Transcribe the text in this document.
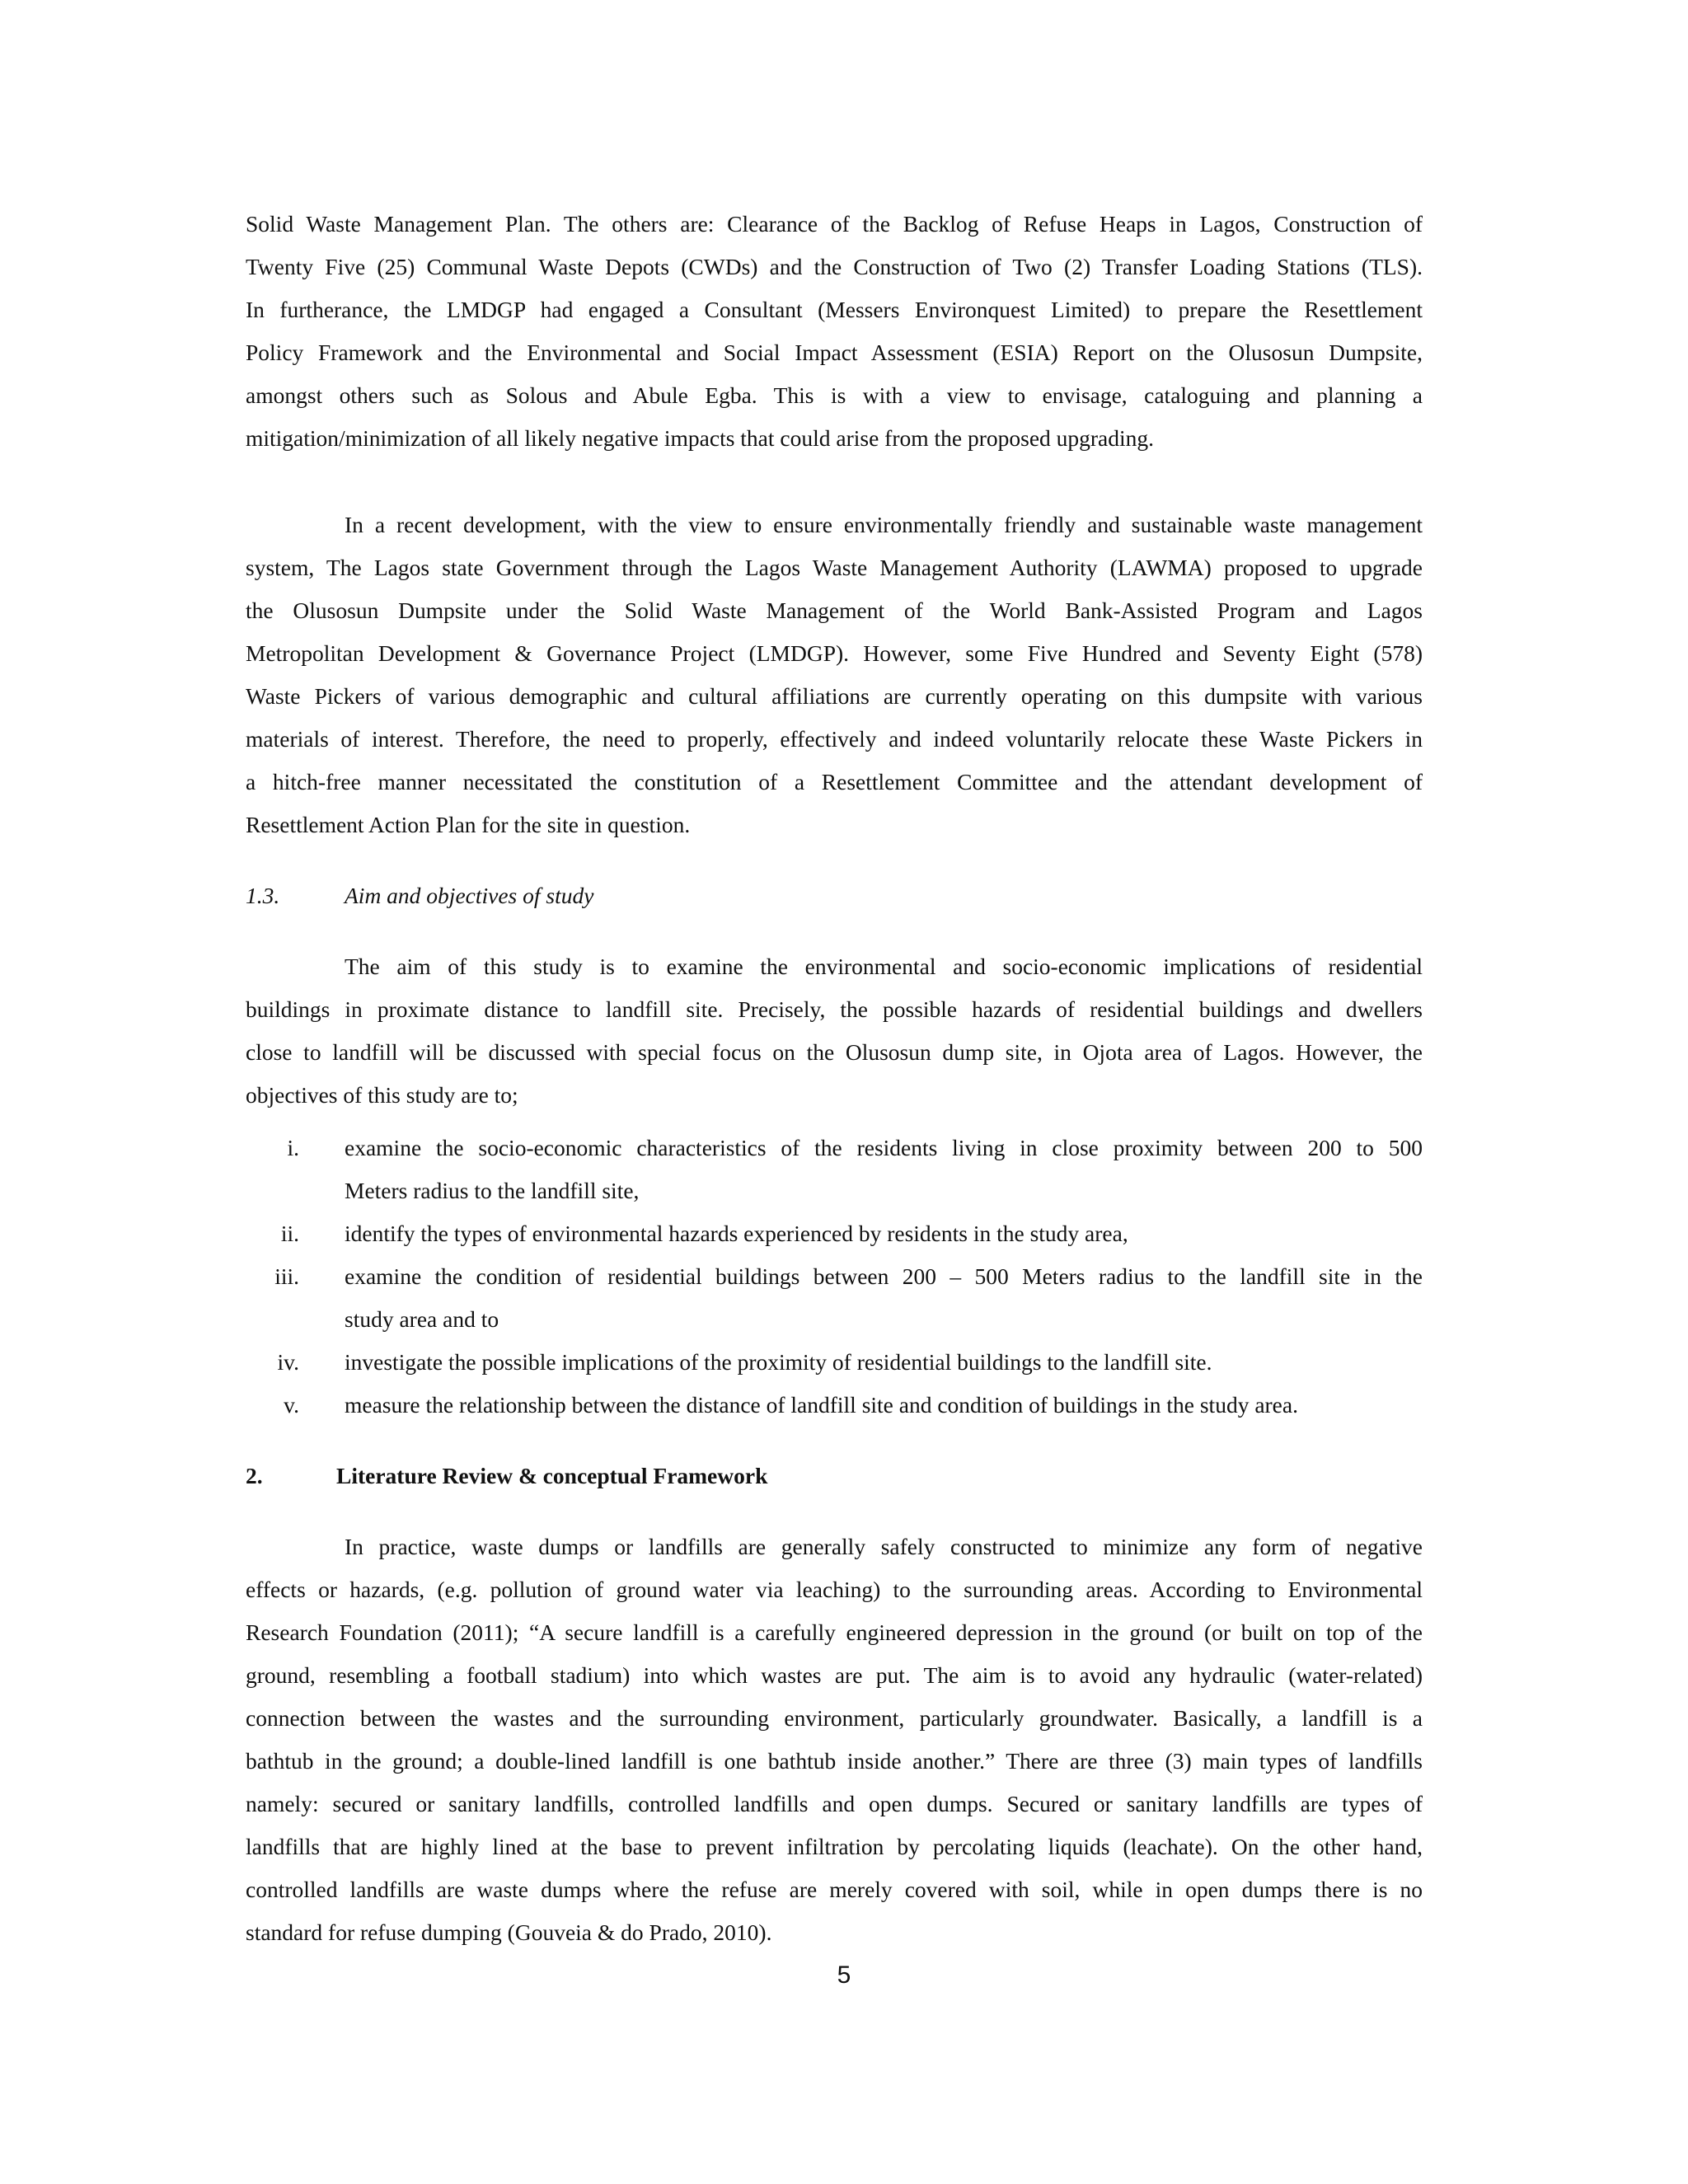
Solid Waste Management Plan. The others are: Clearance of the Backlog of Refuse Heaps in Lagos, Construction of
Twenty Five (25) Communal Waste Depots (CWDs) and the Construction of Two (2) Transfer Loading Stations (TLS).
In furtherance, the LMDGP had engaged a Consultant (Messers Environquest Limited) to prepare the Resettlement
Policy Framework and the Environmental and Social Impact Assessment (ESIA) Report on the Olusosun Dumpsite,
amongst others such as Solous and Abule Egba. This is with a view to envisage, cataloguing and planning a
mitigation/minimization of all likely negative impacts that could arise from the proposed upgrading.
In a recent development, with the view to ensure environmentally friendly and sustainable waste management
system, The Lagos state Government through the Lagos Waste Management Authority (LAWMA) proposed to upgrade
the Olusosun Dumpsite under the Solid Waste Management of the World Bank-Assisted Program and Lagos
Metropolitan Development & Governance Project (LMDGP). However, some Five Hundred and Seventy Eight (578)
Waste Pickers of various demographic and cultural affiliations are currently operating on this dumpsite with various
materials of interest. Therefore, the need to properly, effectively and indeed voluntarily relocate these Waste Pickers in
a hitch-free manner necessitated the constitution of a Resettlement Committee and the attendant development of
Resettlement Action Plan for the site in question.
1.3.	Aim and objectives of study
The aim of this study is to examine the environmental and socio-economic implications of residential
buildings in proximate distance to landfill site. Precisely, the possible hazards of residential buildings and dwellers
close to landfill will be discussed with special focus on the Olusosun dump site, in Ojota area of Lagos. However, the
objectives of this study are to;
i. examine the socio-economic characteristics of the residents living in close proximity between 200 to 500
Meters radius to the landfill site,
ii. identify the types of environmental hazards experienced by residents in the study area,
iii. examine the condition of residential buildings between 200 – 500 Meters radius to the landfill site in the
study area and to
iv. investigate the possible implications of the proximity of residential buildings to the landfill site.
v. measure the relationship between the distance of landfill site and condition of buildings in the study area.
2.	Literature Review & conceptual Framework
In practice, waste dumps or landfills are generally safely constructed to minimize any form of negative
effects or hazards, (e.g. pollution of ground water via leaching) to the surrounding areas. According to Environmental
Research Foundation (2011); “A secure landfill is a carefully engineered depression in the ground (or built on top of the
ground, resembling a football stadium) into which wastes are put. The aim is to avoid any hydraulic (water-related)
connection between the wastes and the surrounding environment, particularly groundwater. Basically, a landfill is a
bathtub in the ground; a double-lined landfill is one bathtub inside another.” There are three (3) main types of landfills
namely: secured or sanitary landfills, controlled landfills and open dumps. Secured or sanitary landfills are types of
landfills that are highly lined at the base to prevent infiltration by percolating liquids (leachate). On the other hand,
controlled landfills are waste dumps where the refuse are merely covered with soil, while in open dumps there is no
standard for refuse dumping (Gouveia & do Prado, 2010).
5
